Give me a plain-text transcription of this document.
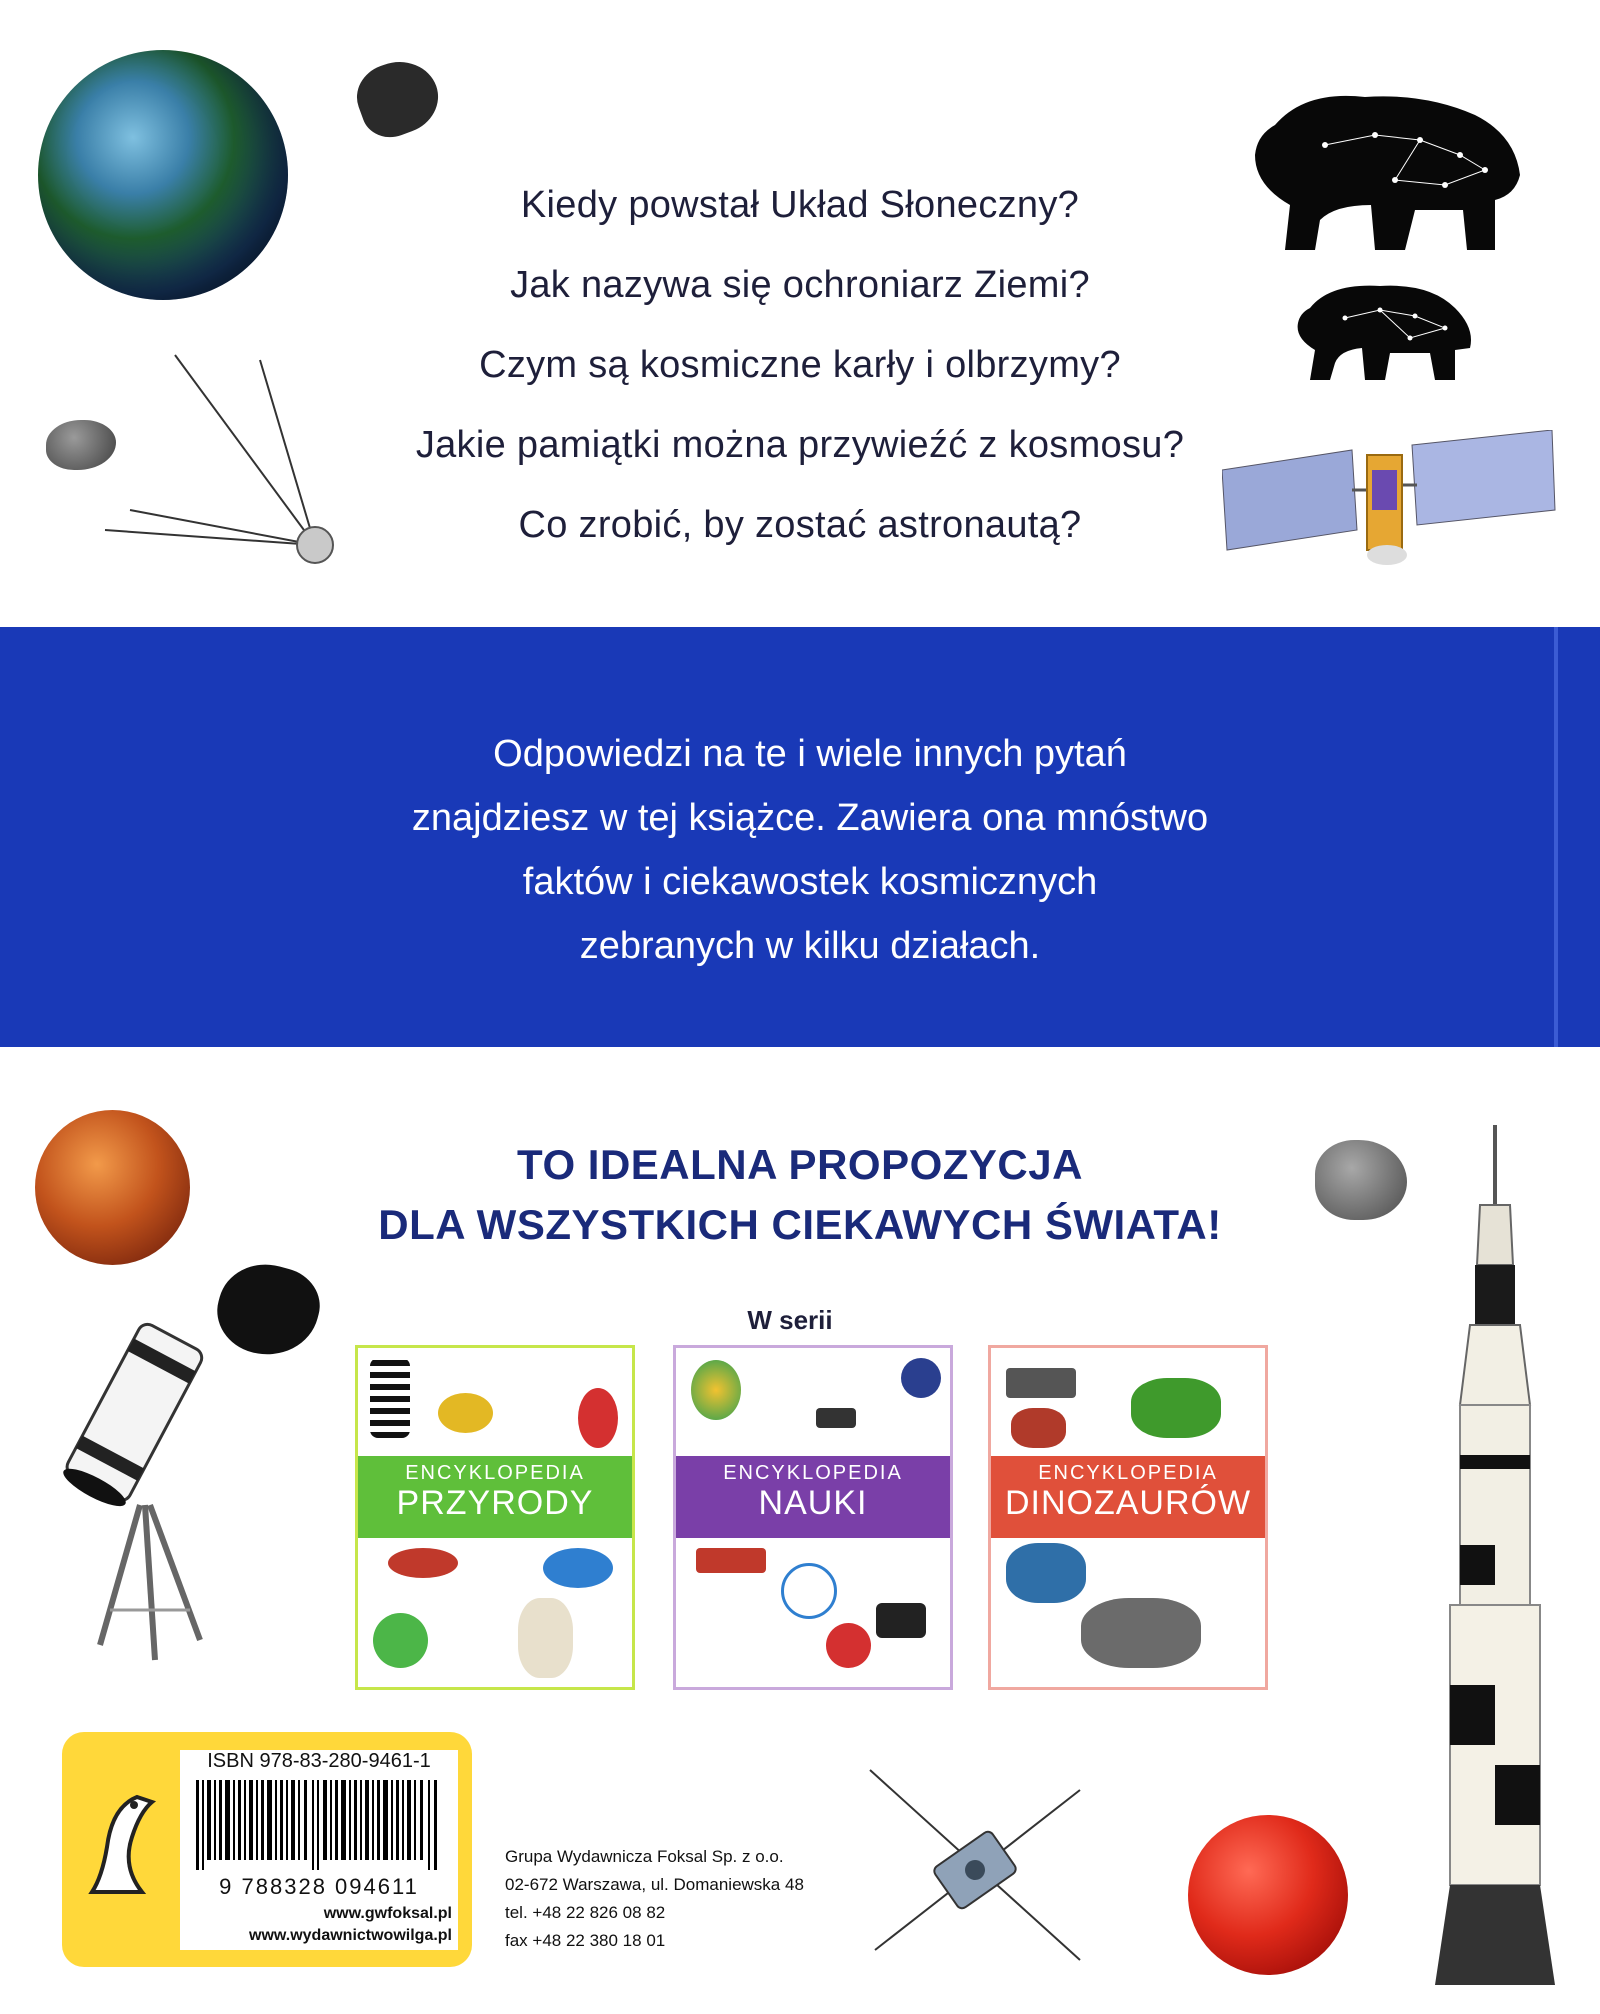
Kiedy powstał Układ Słoneczny?
Jak nazywa się ochroniarz Ziemi?
Czym są kosmiczne karły i olbrzymy?
Jakie pamiątki można przywieźć z kosmosu?
Co zrobić, by zostać astronautą?
Odpowiedzi na te i wiele innych pytań
znajdziesz w tej książce. Zawiera ona mnóstwo
faktów i ciekawostek kosmicznych
zebranych w kilku działach.
TO IDEALNA PROPOZYCJA
DLA WSZYSTKICH CIEKAWYCH ŚWIATA!
W serii
ENCYKLOPEDIA
PRZYRODY
ENCYKLOPEDIA
NAUKI
ENCYKLOPEDIA
DINOZAURÓW
ISBN 978-83-280-9461-1
9 788328 094611
www.gwfoksal.pl
www.wydawnictwowilga.pl
Grupa Wydawnicza Foksal Sp. z o.o.
02-672 Warszawa, ul. Domaniewska 48
tel. +48 22 826 08 82
fax +48 22 380 18 01
